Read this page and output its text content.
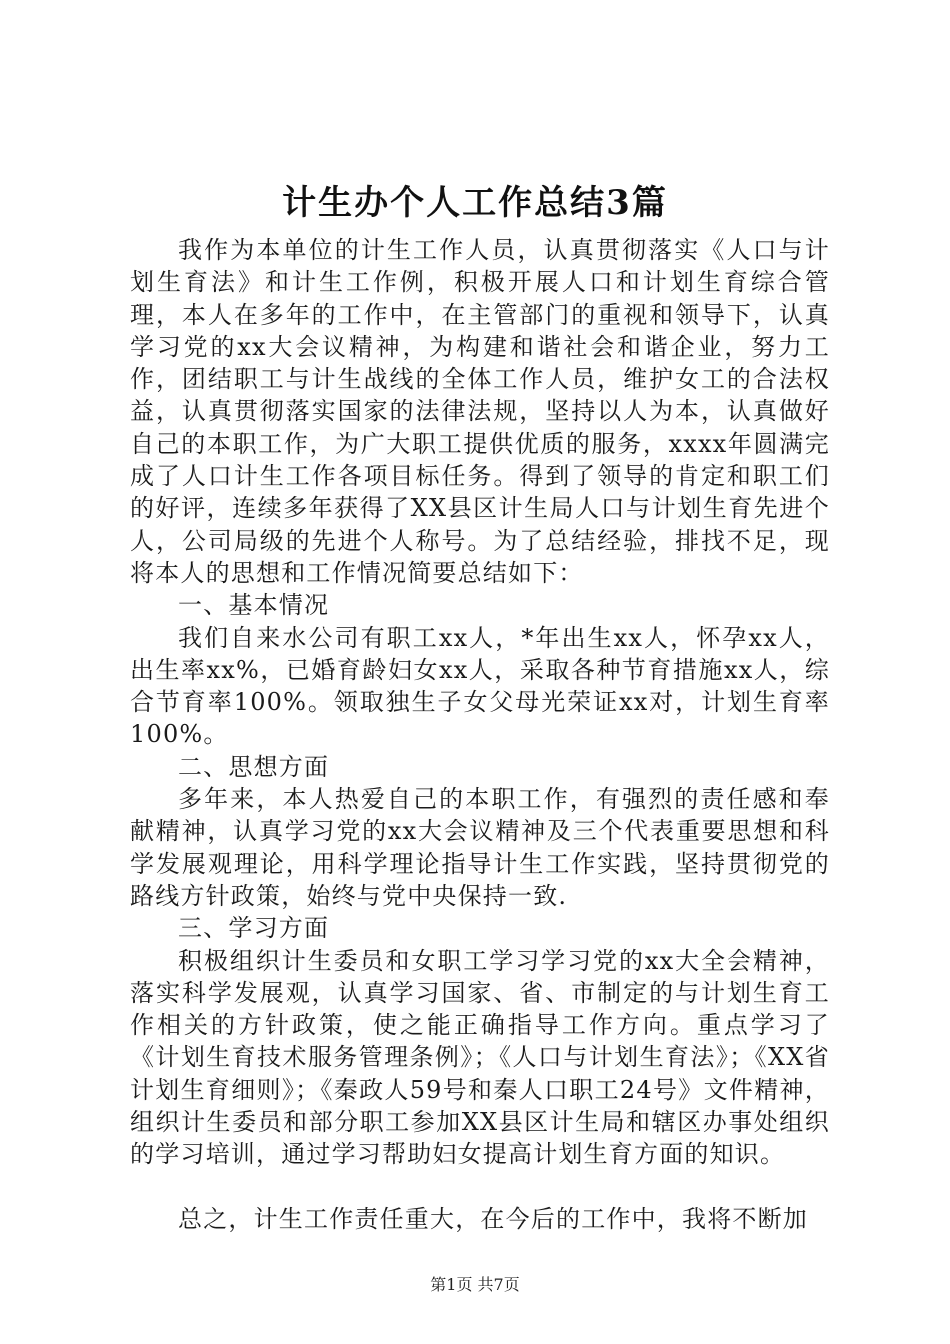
计生办个人工作总结3篇

我作为本单位的计生工作人员，认真贯彻落实《人口与计划生育法》和计生工作例，积极开展人口和计划生育综合管理，本人在多年的工作中，在主管部门的重视和领导下，认真学习党的xx大会议精神，为构建和谐社会和谐企业，努力工作，团结职工与计生战线的全体工作人员，维护女工的合法权益，认真贯彻落实国家的法律法规，坚持以人为本，认真做好自己的本职工作，为广大职工提供优质的服务，xxxx年圆满完成了人口计生工作各项目标任务。得到了领导的肯定和职工们的好评，连续多年获得了XX县区计生局人口与计划生育先进个人，公司局级的先进个人称号。为了总结经验，排找不足，现将本人的思想和工作情况简要总结如下：

一、基本情况

我们自来水公司有职工xx人，*年出生xx人，怀孕xx人，出生率xx%，已婚育龄妇女xx人，采取各种节育措施xx人，综合节育率100%。领取独生子女父母光荣证xx对，计划生育率100%。

二、思想方面

多年来，本人热爱自己的本职工作，有强烈的责任感和奉献精神，认真学习党的xx大会议精神及三个代表重要思想和科学发展观理论，用科学理论指导计生工作实践，坚持贯彻党的路线方针政策，始终与党中央保持一致.

三、学习方面

积极组织计生委员和女职工学习学习党的xx大全会精神，落实科学发展观，认真学习国家、省、市制定的与计划生育工作相关的方针政策，使之能正确指导工作方向。重点学习了《计划生育技术服务管理条例》；《人口与计划生育法》；《XX省计划生育细则》；《秦政人59号和秦人口职工24号》文件精神，组织计生委员和部分职工参加XX县区计生局和辖区办事处组织的学习培训，通过学习帮助妇女提高计划生育方面的知识。

总之，计生工作责任重大，在今后的工作中，我将不断加

第1页 共7页
